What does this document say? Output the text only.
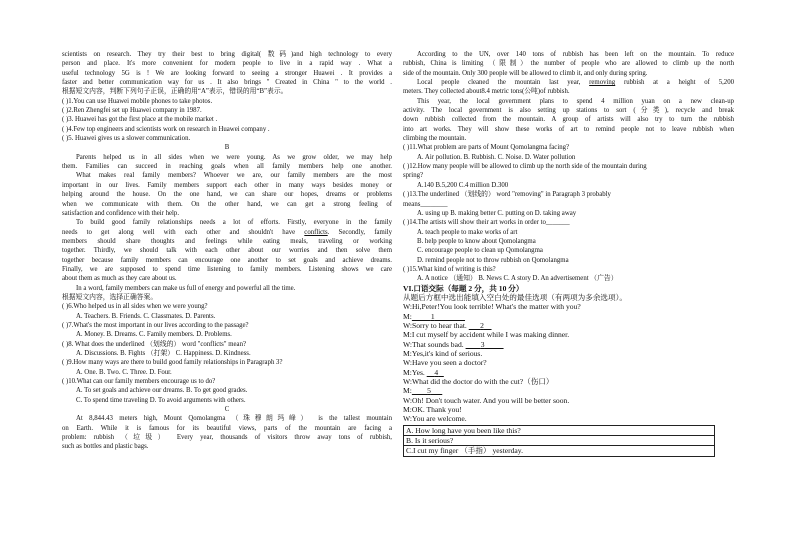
scientists on research. They try their best to bring digital( 数码)and high technology to every
person and place. It's more convenient for modern people to live in a rapid way . What a
useful technology 5G is ! We are looking forward to seeing a stronger Huawei . It provides a
faster and better communication way for us . It also brings " Created in China " to the world .
根据短文内容，判断下列句子正误，正确的用“A”表示，错误的用“B”表示。
( )1.You can use Huawei mobile phones to take photos.
( )2.Ren Zhengfei set up Huawei company in 1987.
( )3. Huawei has got the first place at the mobile market .
( )4.Few top engineers and scientists work on research in Huawei company .
( )5. Huawei gives us a slower communication.
B
Parents helped us in all sides when we were young. As we grow older, we may help
them. Families can succeed in reaching goals when all family members help one another.
What makes real family members? Whoever we are, our family members are the most
important in our lives. Family members support each other in many ways besides money or
helping around the house. On the one hand, we can share our hopes, dreams or problems
when we communicate with them. On the other hand, we can get a strong feeling of
satisfaction and confidence with their help.
To build good family relationships needs a lot of efforts. Firstly, everyone in the family
needs to get along well with each other and shouldn't have conflicts. Secondly, family
members should share thoughts and feelings while eating meals, traveling or working
together. Thirdly, we should talk with each other about our worries and then solve them
together because family members can encourage one another to set goals and achieve dreams.
Finally, we are supposed to spend time listening to family members. Listening shows we care
about them as much as they care about us.
In a word, family members can make us full of energy and powerful all the time.
根据短文内容，选择正确答案。
( )6.Who helped us in all sides when we were young?
A. Teachers. B. Friends. C. Classmates. D. Parents.
( )7.What's the most important in our lives according to the passage?
A. Money. B. Dreams. C. Family members. D. Problems.
( )8. What does the underlined （划线的） word "conflicts" mean?
A. Discussions. B. Fights （打架） C. Happiness. D. Kindness.
( )9.How many ways are there to build good family relationships in Paragraph 3?
A. One. B. Two. C. Three. D. Four.
( )10.What can our family members encourage us to do?
A. To set goals and achieve our dreams. B. To get good grades.
C. To spend time traveling D. To avoid arguments with others.
C
At 8,844.43 meters high, Mount Qomolangma （珠穆朗玛峰） is the tallest mountain
on Earth. While it is famous for its beautiful views, parts of the mountain are facing a
problem: rubbish （垃圾） Every year, thousands of visitors throw away tons of rubbish,
such as bottles and plastic bags.
According to the UN, over 140 tons of rubbish has been left on the mountain. To reduce
rubbish, China is limiting （限制）the number of people who are allowed to climb up the north
side of the mountain. Only 300 people will be allowed to climb it, and only during spring.
Local people cleaned the mountain last year, removing rubbish at a height of 5,200
meters. They collected about8.4 metric tons(公吨)of rubbish.
This year, the local government plans to spend 4 million yuan on a new clean-up
activity. The local government is also setting up stations to sort (分类), recycle and break
down rubbish collected from the mountain. A group of artists will also try to turn the rubbish
into art works. They will show these works of art to remind people not to leave rubbish when
climbing the mountain.
( )11.What problem are parts of Mount Qomolangma facing?
A. Air pollution. B. Rubbish. C. Noise. D. Water pollution
( )12.How many people will be allowed to climb up the north side of the mountain during
spring?
A.140 B.5,200 C.4 million D.300
( )13.The underlined （划线的） word "removing" in Paragraph 3 probably
means________
A. using up B. making better C. putting on D. taking away
( )14.The artists will show their art works in order to_______
A. teach people to make works of art
B. help people to know about Qomolangma
C. encourage people to clean up Qomolangma
D. remind people not to throw rubbish on Qomolangma
( )15.What kind of writing is this?
A. A notice （通知） B. News C. A story D. An advertisement （广告）
VI.口语交际（每题 2 分，共 10 分）
从题后方框中选出能填入空白处的最佳选项（有两项为多余选项）。
W:Hi,Peter!You look terrible! What's the matter with you?
M: 1
W:Sorry to hear that. 2
M:I cut myself by accident while I was making dinner.
W:That sounds bad. 3
M:Yes,it's kind of serious.
W:Have you seen a doctor?
M:Yes. 4
W:What did the doctor do with the cut?（伤口）
M: 5
W:Oh! Don't touch water. And you will be better soon.
M:OK. Thank you!
W:You are welcome.
A. How long have you been like this?
B. Is it serious?
C.I cut my finger （手指） yesterday.
